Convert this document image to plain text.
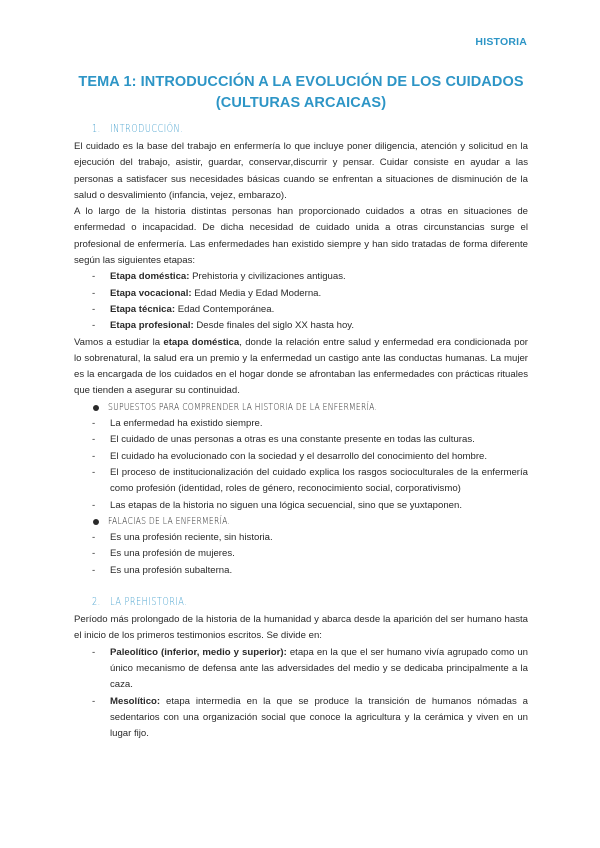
HISTORIA
TEMA 1: INTRODUCCIÓN A LA EVOLUCIÓN DE LOS CUIDADOS
(CULTURAS ARCAICAS)
1. INTRODUCCIÓN.

El cuidado es la base del trabajo en enfermería lo que incluye poner diligencia, atención y solicitud en la ejecución del trabajo, asistir, guardar, conservar,discurrir y pensar. Cuidar consiste en ayudar a las personas a satisfacer sus necesidades básicas cuando se enfrentan a situaciones de disminución de la salud o desvalimiento (infancia, vejez, embarazo).

A lo largo de la historia distintas personas han proporcionado cuidados a otras en situaciones de enfermedad o incapacidad. De dicha necesidad de cuidado unida a otras circunstancias surge el profesional de enfermería. Las enfermedades han existido siempre y han sido tratadas de forma diferente según las siguientes etapas:

- Etapa doméstica: Prehistoria y civilizaciones antiguas.
- Etapa vocacional: Edad Media y Edad Moderna.
- Etapa técnica: Edad Contemporánea.
- Etapa profesional: Desde finales del siglo XX hasta hoy.

Vamos a estudiar la etapa doméstica, donde la relación entre salud y enfermedad era condicionada por lo sobrenatural, la salud era un premio y la enfermedad un castigo ante las conductas humanas. La mujer es la encargada de los cuidados en el hogar donde se afrontaban las enfermedades con prácticas rituales que tienden a asegurar su continuidad.

SUPUESTOS PARA COMPRENDER LA HISTORIA DE LA ENFERMERÍA.
- La enfermedad ha existido siempre.
- El cuidado de unas personas a otras es una constante presente en todas las culturas.
- El cuidado ha evolucionado con la sociedad y el desarrollo del conocimiento del hombre.
- El proceso de institucionalización del cuidado explica los rasgos socioculturales de la enfermería como profesión (identidad, roles de género, reconocimiento social, corporativismo)
- Las etapas de la historia no siguen una lógica secuencial, sino que se yuxtaponen.
FALACIAS DE LA ENFERMERÍA.
- Es una profesión reciente, sin historia.
- Es una profesión de mujeres.
- Es una profesión subalterna.
2. LA PREHISTORIA.

Período más prolongado de la historia de la humanidad y abarca desde la aparición del ser humano hasta el inicio de los primeros testimonios escritos. Se divide en:

- Paleolítico (inferior, medio y superior): etapa en la que el ser humano vivía agrupado como un único mecanismo de defensa ante las adversidades del medio y se dedicaba principalmente a la caza.
- Mesolítico: etapa intermedia en la que se produce la transición de humanos nómadas a sedentarios con una organización social que conoce la agricultura y la cerámica y viven en un lugar fijo.
